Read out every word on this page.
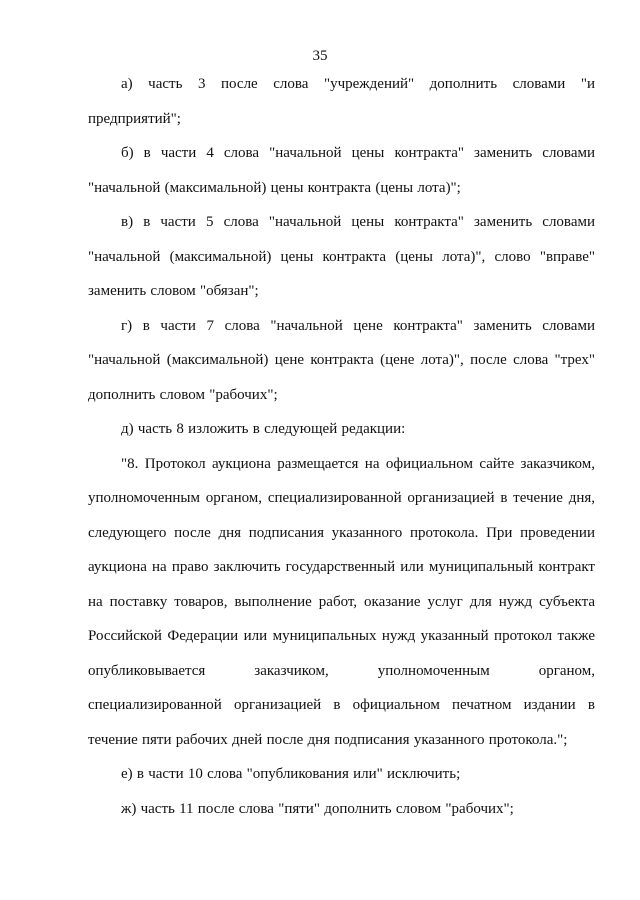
35

а) часть 3 после слова "учреждений" дополнить словами "и предприятий";

б) в части 4 слова "начальной цены контракта" заменить словами "начальной (максимальной) цены контракта (цены лота)";

в) в части 5 слова "начальной цены контракта" заменить словами "начальной (максимальной) цены контракта (цены лота)", слово "вправе" заменить словом "обязан";

г) в части 7 слова "начальной цене контракта" заменить словами "начальной (максимальной) цене контракта (цене лота)", после слова "трех" дополнить словом "рабочих";

д) часть 8 изложить в следующей редакции:

"8. Протокол аукциона размещается на официальном сайте заказчиком, уполномоченным органом, специализированной организацией в течение дня, следующего после дня подписания указанного протокола. При проведении аукциона на право заключить государственный или муниципальный контракт на поставку товаров, выполнение работ, оказание услуг для нужд субъекта Российской Федерации или муниципальных нужд указанный протокол также опубликовывается заказчиком, уполномоченным органом, специализированной организацией в официальном печатном издании в течение пяти рабочих дней после дня подписания указанного протокола.";

е) в части 10 слова "опубликования или" исключить;

ж) часть 11 после слова "пяти" дополнить словом "рабочих";
